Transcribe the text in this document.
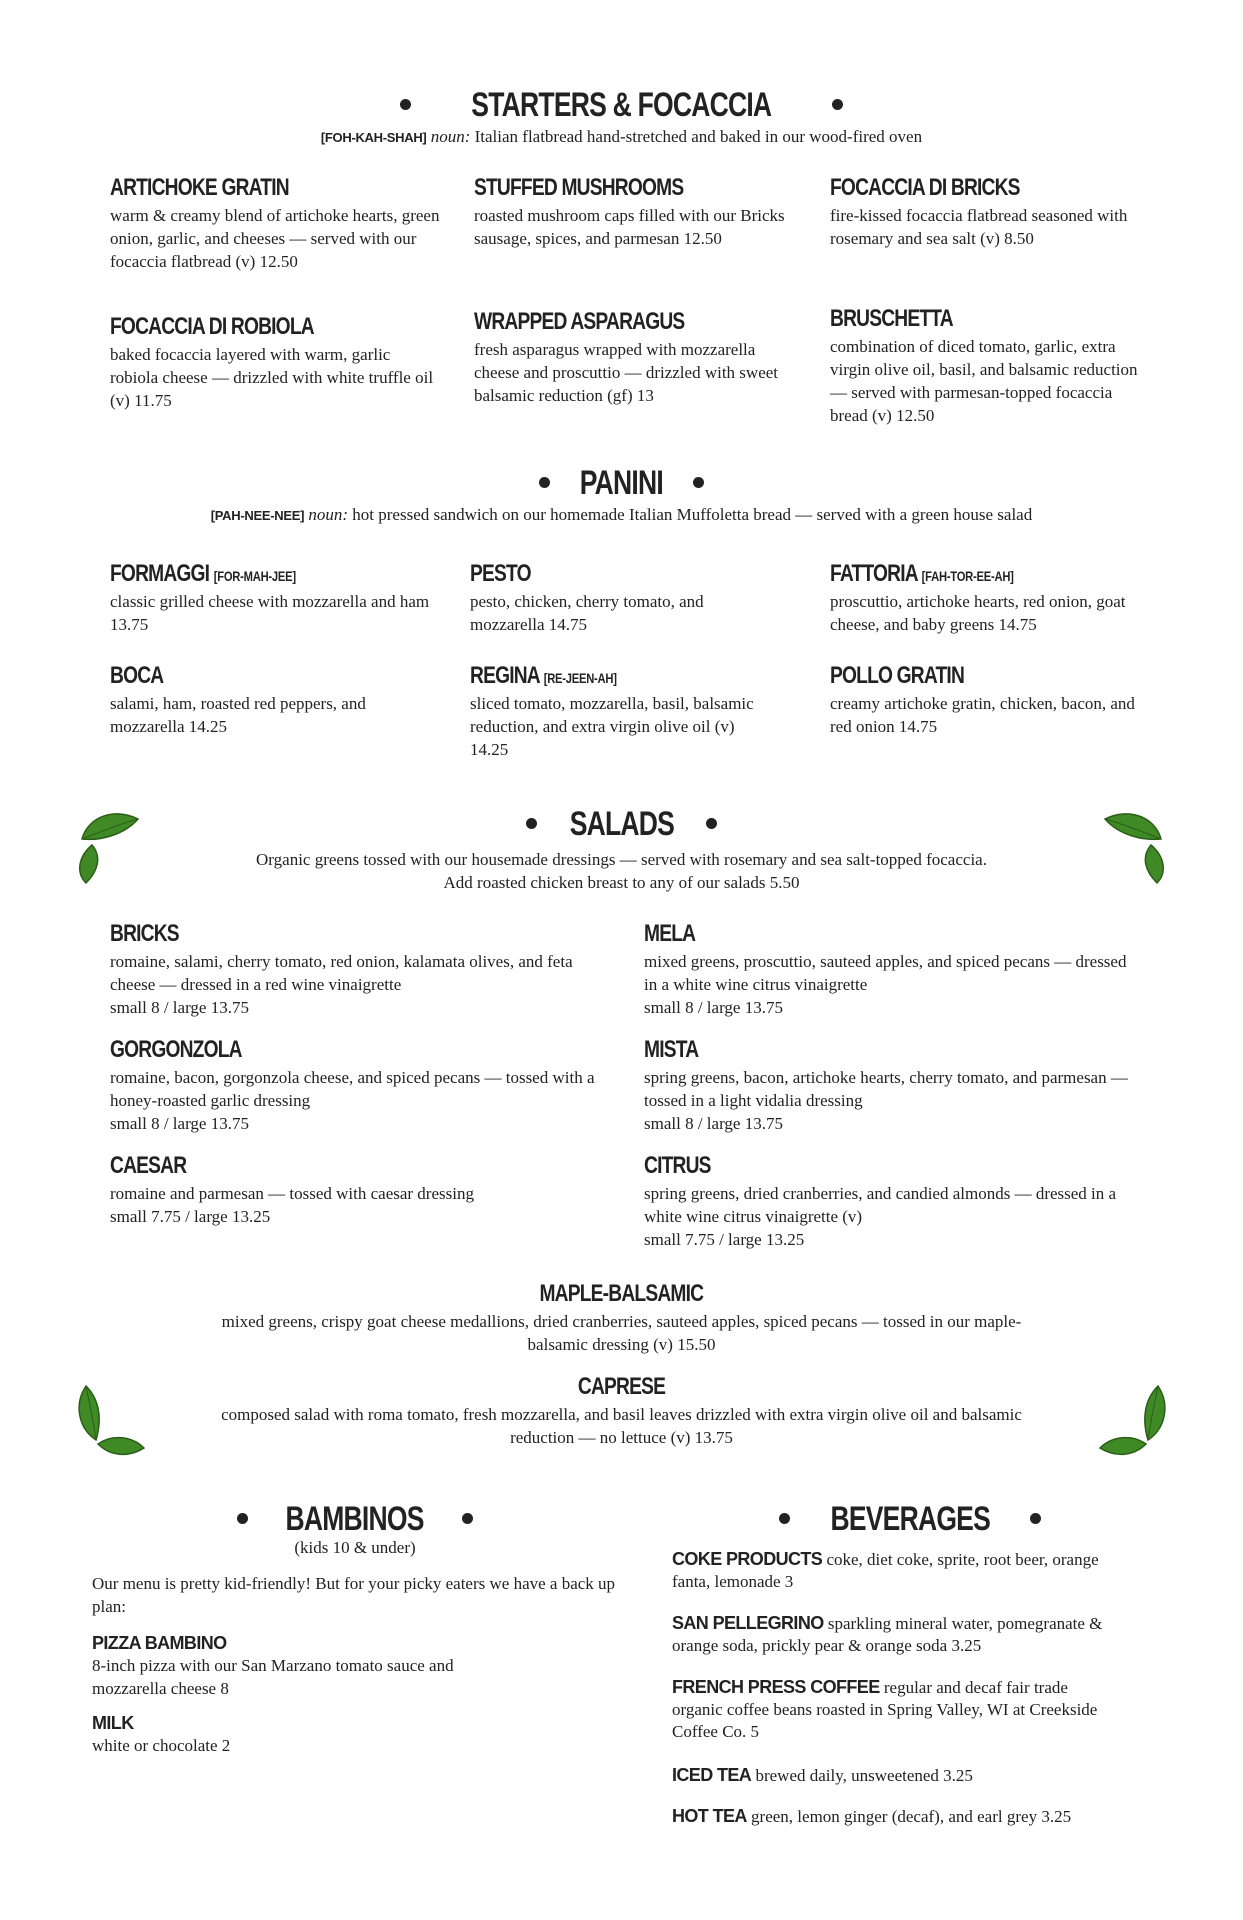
STARTERS & FOCACCIA
[FOH-KAH-SHAH] noun: Italian flatbread hand-stretched and baked in our wood-fired oven
ARTICHOKE GRATIN
warm & creamy blend of artichoke hearts, green onion, garlic, and cheeses — served with our focaccia flatbread (v) 12.50
STUFFED MUSHROOMS
roasted mushroom caps filled with our Bricks sausage, spices, and parmesan 12.50
FOCACCIA DI BRICKS
fire-kissed focaccia flatbread seasoned with rosemary and sea salt (v) 8.50
FOCACCIA DI ROBIOLA
baked focaccia layered with warm, garlic robiola cheese — drizzled with white truffle oil (v) 11.75
WRAPPED ASPARAGUS
fresh asparagus wrapped with mozzarella cheese and proscuttio — drizzled with sweet balsamic reduction (gf) 13
BRUSCHETTA
combination of diced tomato, garlic, extra virgin olive oil, basil, and balsamic reduction — served with parmesan-topped focaccia bread (v) 12.50
PANINI
[PAH-NEE-NEE] noun: hot pressed sandwich on our homemade Italian Muffoletta bread — served with a green house salad
FORMAGGI [FOR-MAH-JEE]
classic grilled cheese with mozzarella and ham 13.75
PESTO
pesto, chicken, cherry tomato, and mozzarella 14.75
FATTORIA [FAH-TOR-EE-AH]
proscuttio, artichoke hearts, red onion, goat cheese, and baby greens 14.75
BOCA
salami, ham, roasted red peppers, and mozzarella 14.25
REGINA [RE-JEEN-AH]
sliced tomato, mozzarella, basil, balsamic reduction, and extra virgin olive oil (v) 14.25
POLLO GRATIN
creamy artichoke gratin, chicken, bacon, and red onion 14.75
SALADS
Organic greens tossed with our housemade dressings — served with rosemary and sea salt-topped focaccia.
Add roasted chicken breast to any of our salads 5.50
BRICKS
romaine, salami, cherry tomato, red onion, kalamata olives, and feta cheese — dressed in a red wine vinaigrette
small 8 / large 13.75
MELA
mixed greens, proscuttio, sauteed apples, and spiced pecans — dressed in a white wine citrus vinaigrette
small 8 / large 13.75
GORGONZOLA
romaine, bacon, gorgonzola cheese, and spiced pecans — tossed with a honey-roasted garlic dressing
small 8 / large 13.75
MISTA
spring greens, bacon, artichoke hearts, cherry tomato, and parmesan — tossed in a light vidalia dressing
small 8 / large 13.75
CAESAR
romaine and parmesan — tossed with caesar dressing
small 7.75 / large 13.25
CITRUS
spring greens, dried cranberries, and candied almonds — dressed in a white wine citrus vinaigrette (v)
small 7.75 / large 13.25
MAPLE-BALSAMIC
mixed greens, crispy goat cheese medallions, dried cranberries, sauteed apples, spiced pecans — tossed in our maple-balsamic dressing (v) 15.50
CAPRESE
composed salad with roma tomato, fresh mozzarella, and basil leaves drizzled with extra virgin olive oil and balsamic reduction — no lettuce (v) 13.75
BAMBINOS
(kids 10 & under)
Our menu is pretty kid-friendly! But for your picky eaters we have a back up plan:
PIZZA BAMBINO
8-inch pizza with our San Marzano tomato sauce and mozzarella cheese 8
MILK
white or chocolate 2
BEVERAGES
COKE PRODUCTS coke, diet coke, sprite, root beer, orange fanta, lemonade 3
SAN PELLEGRINO sparkling mineral water, pomegranate & orange soda, prickly pear & orange soda 3.25
FRENCH PRESS COFFEE regular and decaf fair trade organic coffee beans roasted in Spring Valley, WI at Creekside Coffee Co. 5
ICED TEA brewed daily, unsweetened 3.25
HOT TEA green, lemon ginger (decaf), and earl grey 3.25
